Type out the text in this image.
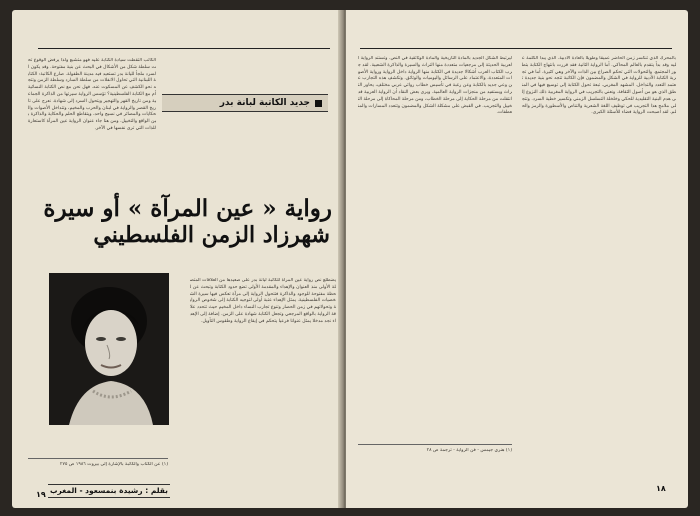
جديد الكاتبة لبانة بدر
رواية « عين المرآة » أو سيرة
شهرزاد الزمن الفلسطيني
يضطلع نص رواية عين المرآة للكاتبة ليانة بدر على صعيدها من العلاقات المتصلة الأولى منذ العنوان والإهداء والمقدمة الأولى تضع حدود الكتابة وتبحث عن لحظة مفتوحة للوجود والذاكرة فتتحول الرواية إلى مرآة تعكس فيها سيرة الشخصيات الفلسطينية. يمثل الإهداء عتبة أولى لتوجيه الكتابة إلى شخوص الرواية وتحولاتهم في زمن الحصار وتنوع تجارب النساء داخل المخيم حيث تتحدد علاقة الرواية بالواقع المرجعي وتجعل الكتابة شهادة على الزمن. إضافة إلى الإهداء نجد مدخلا يمثل عنوانا فرعيا يتحكم في إيقاع الرواية وطقوس التأويل.
الكاتب التقطت سيادة الكتابة عليه فهو متشبع ولذا يرفض الوقوع تحت سلطة شكل من الأشكال في البحث عن بنية مفتوحة. وقد يكون السرد ملجأ لليانة بدر تستعيد فيه مدينة الطفولة. صارع الكاتبة: الكتابة اللبنانية التي تحاول الانفلات من سلطة السارد وسلطة الزمن وتتجه نحو الكشف عن المسكوت عنه. فهل نحن مع نص الكتابة النسائية أم مع الكتابة الفلسطينية؟ تؤسس الرواية سيرتها من الذاكرة الجماعية ومن تاريخ القهر والتهجير ويتحول السرد إلى شهادة. نعرج على تاريخ القصر والرواية في لبنان والحرب والمخيم، وتتداخل الأصوات والحكايات والمصائر في نسيج واحد، ويتقاطع الحلم والحكاية والذاكرة بين الواقع والتخييل. ومن هنا جاء عنوان الرواية عين المرآة كاستعارة للذات التي ترى نفسها في الآخر.
(١) عن الكتاب والكاتبة بالإشارة إلى بيروت ١٩٨٦ ص ٢٧٥
بقلم : رشيدة بنمسعود - المغرب
١٩
بالمحرك الذي تنكسر زمن الحاضر عميقا وطويلا بالعادة الأدبية. الذي يبدأ الكلمة عليه وقد بدأ يتقدم بالعالم المحاكي. أما الرواية الثانية فقد قررت بانتهاج الكتابة بتطور المجتمع. والتحولات التي تحكم الصراع بين الذات والآخر وهي كثيرة. أما في تجربة الكتابة الأدبية للرواية في الشكل والمضمون فإن الكاتبة تتجه نحو بنية جديدة تعتمد التعدد والتداخل. المشهد المغربي. تبعة تحول الكتابة إلى توسيع فيها في المنطق الذي هو من أصول الثقافة. ونعني بالتجريب في الرواية المغربية ذلك النزوع إلى هدم البنية التقليدية للحكي وخلخلة التسلسل الزمني وتكسير خطية السرد. وتتجلى ملامح هذا التجريب في توظيف اللغة الشعرية والتناص والأسطورة والرمز والحلم. لقد أصبحت الرواية فضاء للأسئلة الكبرى.
ليرتبط الشكل الجديد بالمادة التاريخية والمادة الوثائقية في النص. وتستند الرواية العربية الحديثة إلى مرجعيات متعددة منها التراث والسيرة والذاكرة الشعبية. لقد جرب الكتاب العرب أشكالا جديدة في الكتابة منها الرواية داخل الرواية ورواية الأصوات المتعددة، والاعتماد على الرسائل واليوميات والوثائق. وتكشف هذه التجارب عن وعي جديد بالكتابة وعن رغبة في تأسيس خطاب روائي عربي مختلف، يحاور التراث ويستفيد من منجزات الرواية العالمية. ويرى بعض النقاد أن الرواية العربية قد انتقلت من مرحلة الحكاية إلى مرحلة الخطاب، ومن مرحلة المحاكاة إلى مرحلة التخييل والتجريب. في القبض على مشكلة الشكل والمضمون وتتعدد المسارات والمنعطفات.
(١) هنري جيمس - فن الرواية - ترجمة ص ٢٨
١٨
